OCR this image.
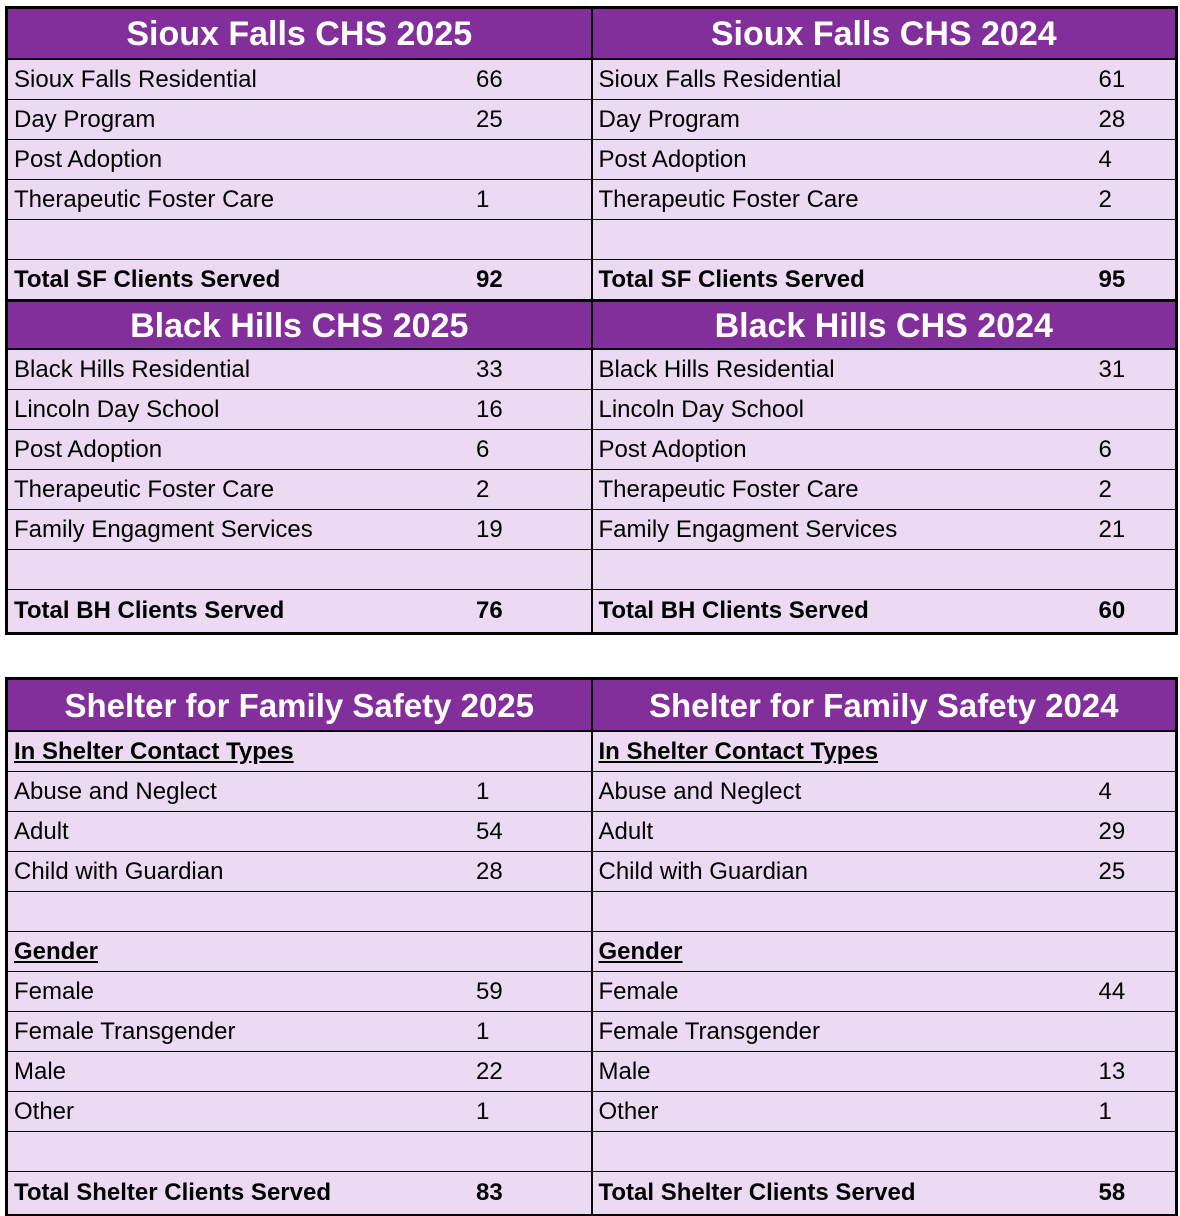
Sioux Falls CHS 2025
Sioux Falls Residential	66
Day Program	25
Post Adoption
Therapeutic Foster Care	1
Total SF Clients Served	92
Black Hills CHS 2025
Black Hills Residential	33
Lincoln Day School	16
Post Adoption	6
Therapeutic Foster Care	2
Family Engagment Services	19
Total BH Clients Served	76
Sioux Falls CHS 2024
Sioux Falls Residential	61
Day Program	28
Post Adoption	4
Therapeutic Foster Care	2
Total SF Clients Served	95
Black Hills CHS 2024
Black Hills Residential	31
Lincoln Day School
Post Adoption	6
Therapeutic Foster Care	2
Family Engagment Services	21
Total BH Clients Served	60
Shelter for Family Safety 2025
In Shelter Contact Types
Abuse and Neglect	1
Adult	54
Child with Guardian	28
Gender
Female	59
Female Transgender	1
Male	22
Other	1
Total Shelter Clients Served	83
Shelter for Family Safety 2024
In Shelter Contact Types
Abuse and Neglect	4
Adult	29
Child with Guardian	25
Gender
Female	44
Female Transgender
Male	13
Other	1
Total Shelter Clients Served	58
